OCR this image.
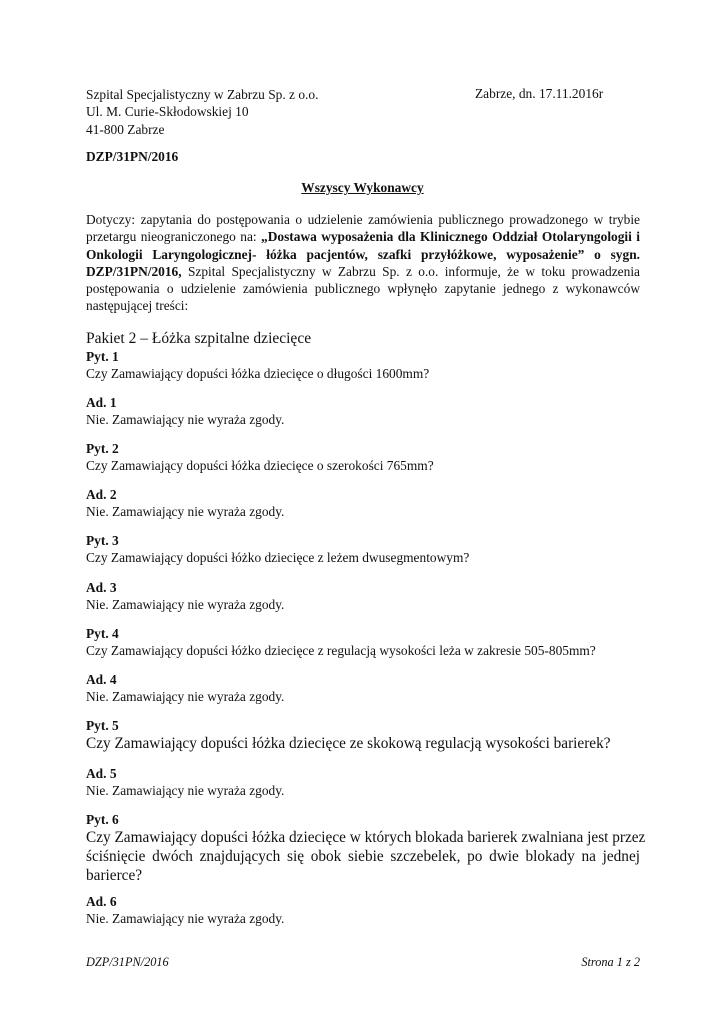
Szpital Specjalistyczny w Zabrzu Sp. z o.o.
Ul. M. Curie-Skłodowskiej 10
41-800 Zabrze
Zabrze, dn. 17.11.2016r
DZP/31PN/2016
Wszyscy Wykonawcy
Dotyczy: zapytania do postępowania o udzielenie zamówienia publicznego prowadzonego w trybie
przetargu nieograniczonego na: „Dostawa wyposażenia dla Klinicznego Oddział Otolaryngologii i
Onkologii Laryngologicznej- łóżka pacjentów, szafki przyłóżkowe, wyposażenie” o sygn.
DZP/31PN/2016, Szpital Specjalistyczny w Zabrzu Sp. z o.o. informuje, że w toku prowadzenia
postępowania o udzielenie zamówienia publicznego wpłynęło zapytanie jednego z wykonawców
następującej treści:
Pakiet 2 – Łóżka szpitalne dziecięce
Pyt. 1
Czy Zamawiający dopuści łóżka dziecięce o długości 1600mm?
Ad. 1
Nie. Zamawiający nie wyraża zgody.
Pyt. 2
Czy Zamawiający dopuści łóżka dziecięce o szerokości 765mm?
Ad. 2
Nie. Zamawiający nie wyraża zgody.
Pyt. 3
Czy Zamawiający dopuści łóżko dziecięce z leżem dwusegmentowym?
Ad. 3
Nie. Zamawiający nie wyraża zgody.
Pyt. 4
Czy Zamawiający dopuści łóżko dziecięce z regulacją wysokości leża w zakresie 505-805mm?
Ad. 4
Nie. Zamawiający nie wyraża zgody.
Pyt. 5
Czy Zamawiający dopuści łóżka dziecięce ze skokową regulacją wysokości barierek?
Ad. 5
Nie. Zamawiający nie wyraża zgody.
Pyt. 6
Czy Zamawiający dopuści łóżka dziecięce w których blokada barierek zwalniana jest przez
ściśnięcie dwóch znajdujących się obok siebie szczebelek, po dwie blokady na jednej
barierce?
Ad. 6
Nie. Zamawiający nie wyraża zgody.
DZP/31PN/2016	Strona 1 z 2
